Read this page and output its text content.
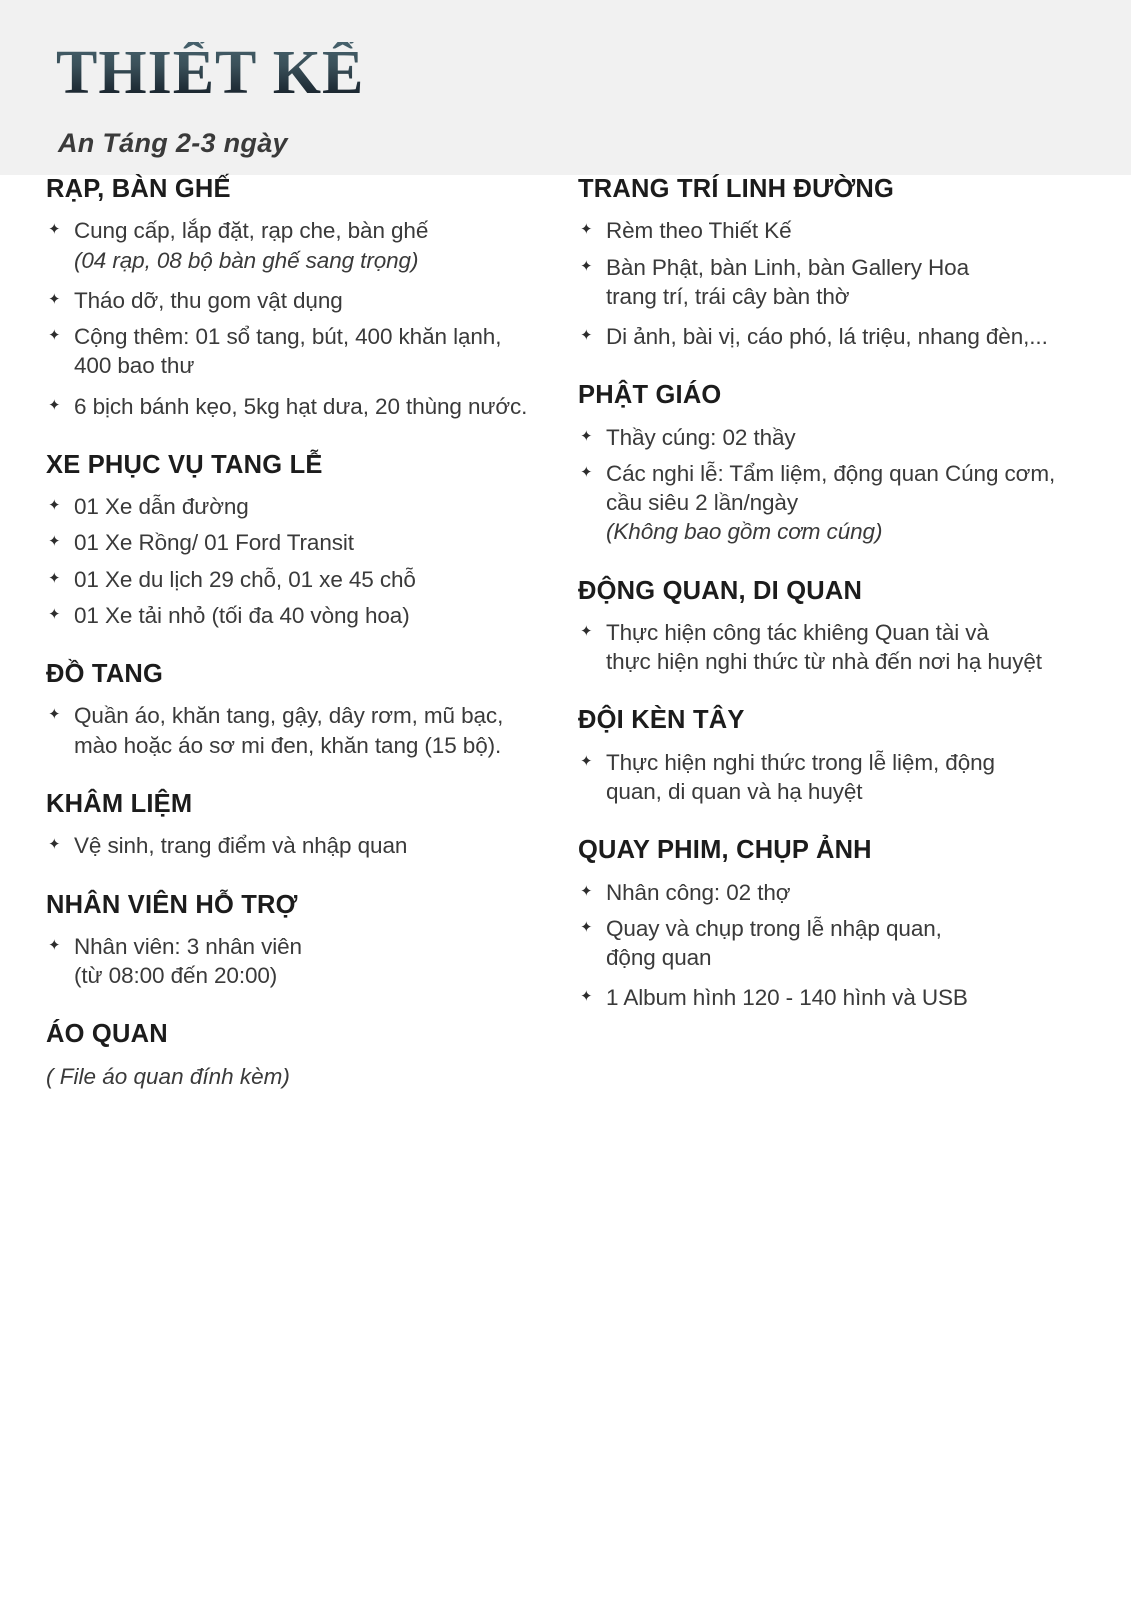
THIẾT KẾ
An Táng 2-3 ngày
RẠP, BÀN GHẾ
✦ Cung cấp, lắp đặt, rạp che, bàn ghế
(04 rạp, 08 bộ bàn ghế sang trọng)
✦ Tháo dỡ, thu gom vật dụng
✦ Cộng thêm: 01 sổ tang, bút, 400 khăn lạnh,
400 bao thư
✦ 6 bịch bánh kẹo, 5kg hạt dưa, 20 thùng nước.
XE PHỤC VỤ TANG LỄ
✦ 01 Xe dẫn đường
✦ 01 Xe Rồng/ 01 Ford Transit
✦ 01 Xe du lịch 29 chỗ, 01 xe 45 chỗ
✦ 01 Xe tải nhỏ (tối đa 40 vòng hoa)
ĐỒ TANG
✦ Quần áo, khăn tang, gậy, dây rơm, mũ bạc,
mào hoặc áo sơ mi đen, khăn tang (15 bộ).
KHÂM LIỆM
✦ Vệ sinh, trang điểm và nhập quan
NHÂN VIÊN HỖ TRỢ
✦ Nhân viên: 3 nhân viên
(từ 08:00 đến 20:00)
ÁO QUAN
( File áo quan đính kèm)
TRANG TRÍ LINH ĐƯỜNG
✦ Rèm theo Thiết Kế
✦ Bàn Phật, bàn Linh, bàn Gallery Hoa
trang trí, trái cây bàn thờ
✦ Di ảnh, bài vị, cáo phó, lá triệu, nhang đèn,...
PHẬT GIÁO
✦ Thầy cúng: 02 thầy
✦ Các nghi lễ: Tẩm liệm, động quan Cúng cơm,
cầu siêu 2 lần/ngày
(Không bao gồm cơm cúng)
ĐỘNG QUAN, DI QUAN
✦ Thực hiện công tác khiêng Quan tài và
thực hiện nghi thức từ nhà đến nơi hạ huyệt
ĐỘI KÈN TÂY
✦ Thực hiện nghi thức trong lễ liệm, động
quan, di quan và hạ huyệt
QUAY PHIM, CHỤP ẢNH
✦ Nhân công: 02 thợ
✦ Quay và chụp trong lễ nhập quan,
động quan
✦ 1 Album hình 120 - 140 hình và USB
